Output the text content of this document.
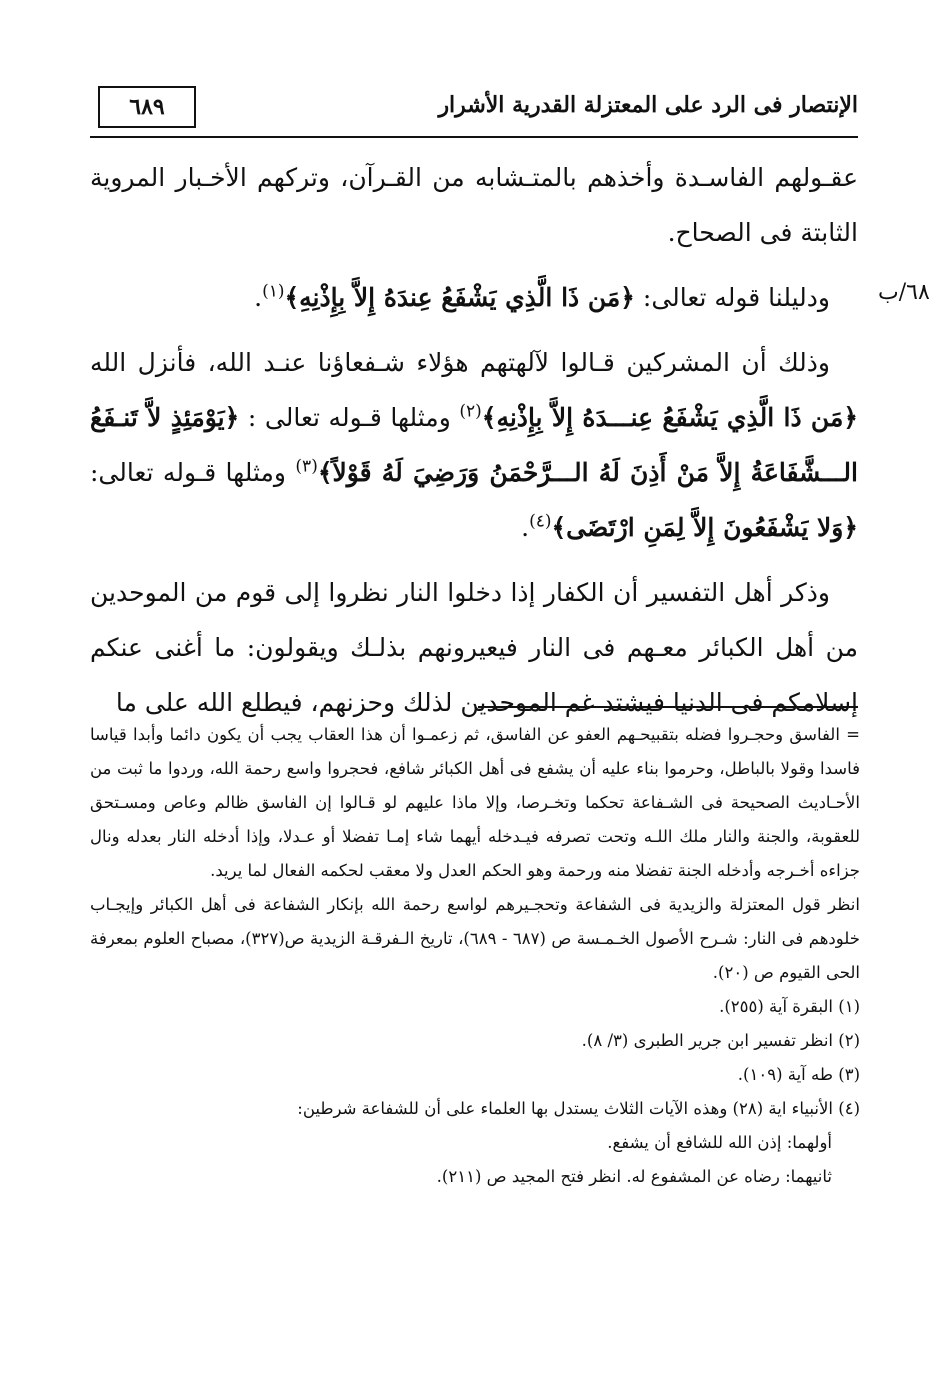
٦٨٩	الإنتصار فى الرد على المعتزلة القدرية الأشرار
٦٨/ب

عقـولهم الفاسـدة وأخذهم بالمتـشابه من القـرآن، وتركهم الأخـبار المروية الثابتة فى الصحاح.

ودليلنا قوله تعالى: ﴿مَن ذَا الَّذِي يَشْفَعُ عِندَهُ إِلاَّ بِإِذْنِهِ﴾$^{(١)}$.

وذلك أن المشركين قـالوا لآلهتهم هؤلاء شـفعاؤنا عنـد الله، فأنزل الله ﴿مَن ذَا الَّذِي يَشْفَعُ عِنـــدَهُ إِلاَّ بِإِذْنِهِ﴾$^{(٢)}$ ومثلها قـوله تعالى : ﴿يَوْمَئِذٍ لاَّ تَنـفَعُ الـــشَّفَاعَةُ إِلاَّ مَنْ أَذِنَ لَهُ الـــرَّحْمَنُ وَرَضِيَ لَهُ قَوْلاً﴾$^{(٣)}$ ومثلها قـوله تعالى: ﴿وَلا يَشْفَعُونَ إِلاَّ لِمَنِ ارْتَضَى﴾$^{(٤)}$.

وذكر أهل التفسير أن الكفار إذا دخلوا النار نظروا إلى قوم من الموحدين من أهل الكبائر معـهم فى النار فيعيرونهم بذلـك ويقولون: ما أغنى عنكم إسلامكم فى الدنيا فيشتد غم الموحدين لذلك وحزنهم، فيطلع الله على ما

= الفاسق وحجـروا فضله بتقبيحـهم العفو عن الفاسق، ثم زعمـوا أن هذا العقاب يجب أن يكون دائما وأبدا قياسا فاسدا وقولا بالباطل، وحرموا بناء عليه أن يشفع فى أهل الكبائر شافع، فحجروا واسع رحمة الله، وردوا ما ثبت من الأحـاديث الصحيحة فى الشـفاعة تحكما وتخـرصا، وإلا ماذا عليهم لو قـالوا إن الفاسق ظالم وعاص ومسـتحق للعقوبة، والجنة والنار ملك اللـه وتحت تصرفه فيـدخله أيهما شاء إمـا تفضلا أو عـدلا، وإذا أدخله النار بعدله ونال جزاءه أخـرجه وأدخله الجنة تفضلا منه ورحمة وهو الحكم العدل ولا معقب لحكمه الفعال لما يريد.

انظر قول المعتزلة والزيدية فى الشفاعة وتحجـيرهم لواسع رحمة الله بإنكار الشفاعة فى أهل الكبائر وإيجـاب خلودهم فى النار: شـرح الأصول الخـمـسة ص (٦٨٧ - ٦٨٩)، تاريخ الـفرقـة الزيدية ص(٣٢٧)، مصباح العلوم بمعرفة الحى القيوم ص (٢٠).

(١) البقرة آية (٢٥٥).

(٢) انظر تفسير ابن جرير الطبرى (٣/ ٨).

(٣) طه آية (١٠٩).

(٤) الأنبياء اية (٢٨) وهذه الآيات الثلاث يستدل بها العلماء على أن للشفاعة شرطين:

أولهما: إذن الله للشافع أن يشفع.

ثانيهما: رضاه عن المشفوع له. انظر فتح المجيد ص (٢١١).
